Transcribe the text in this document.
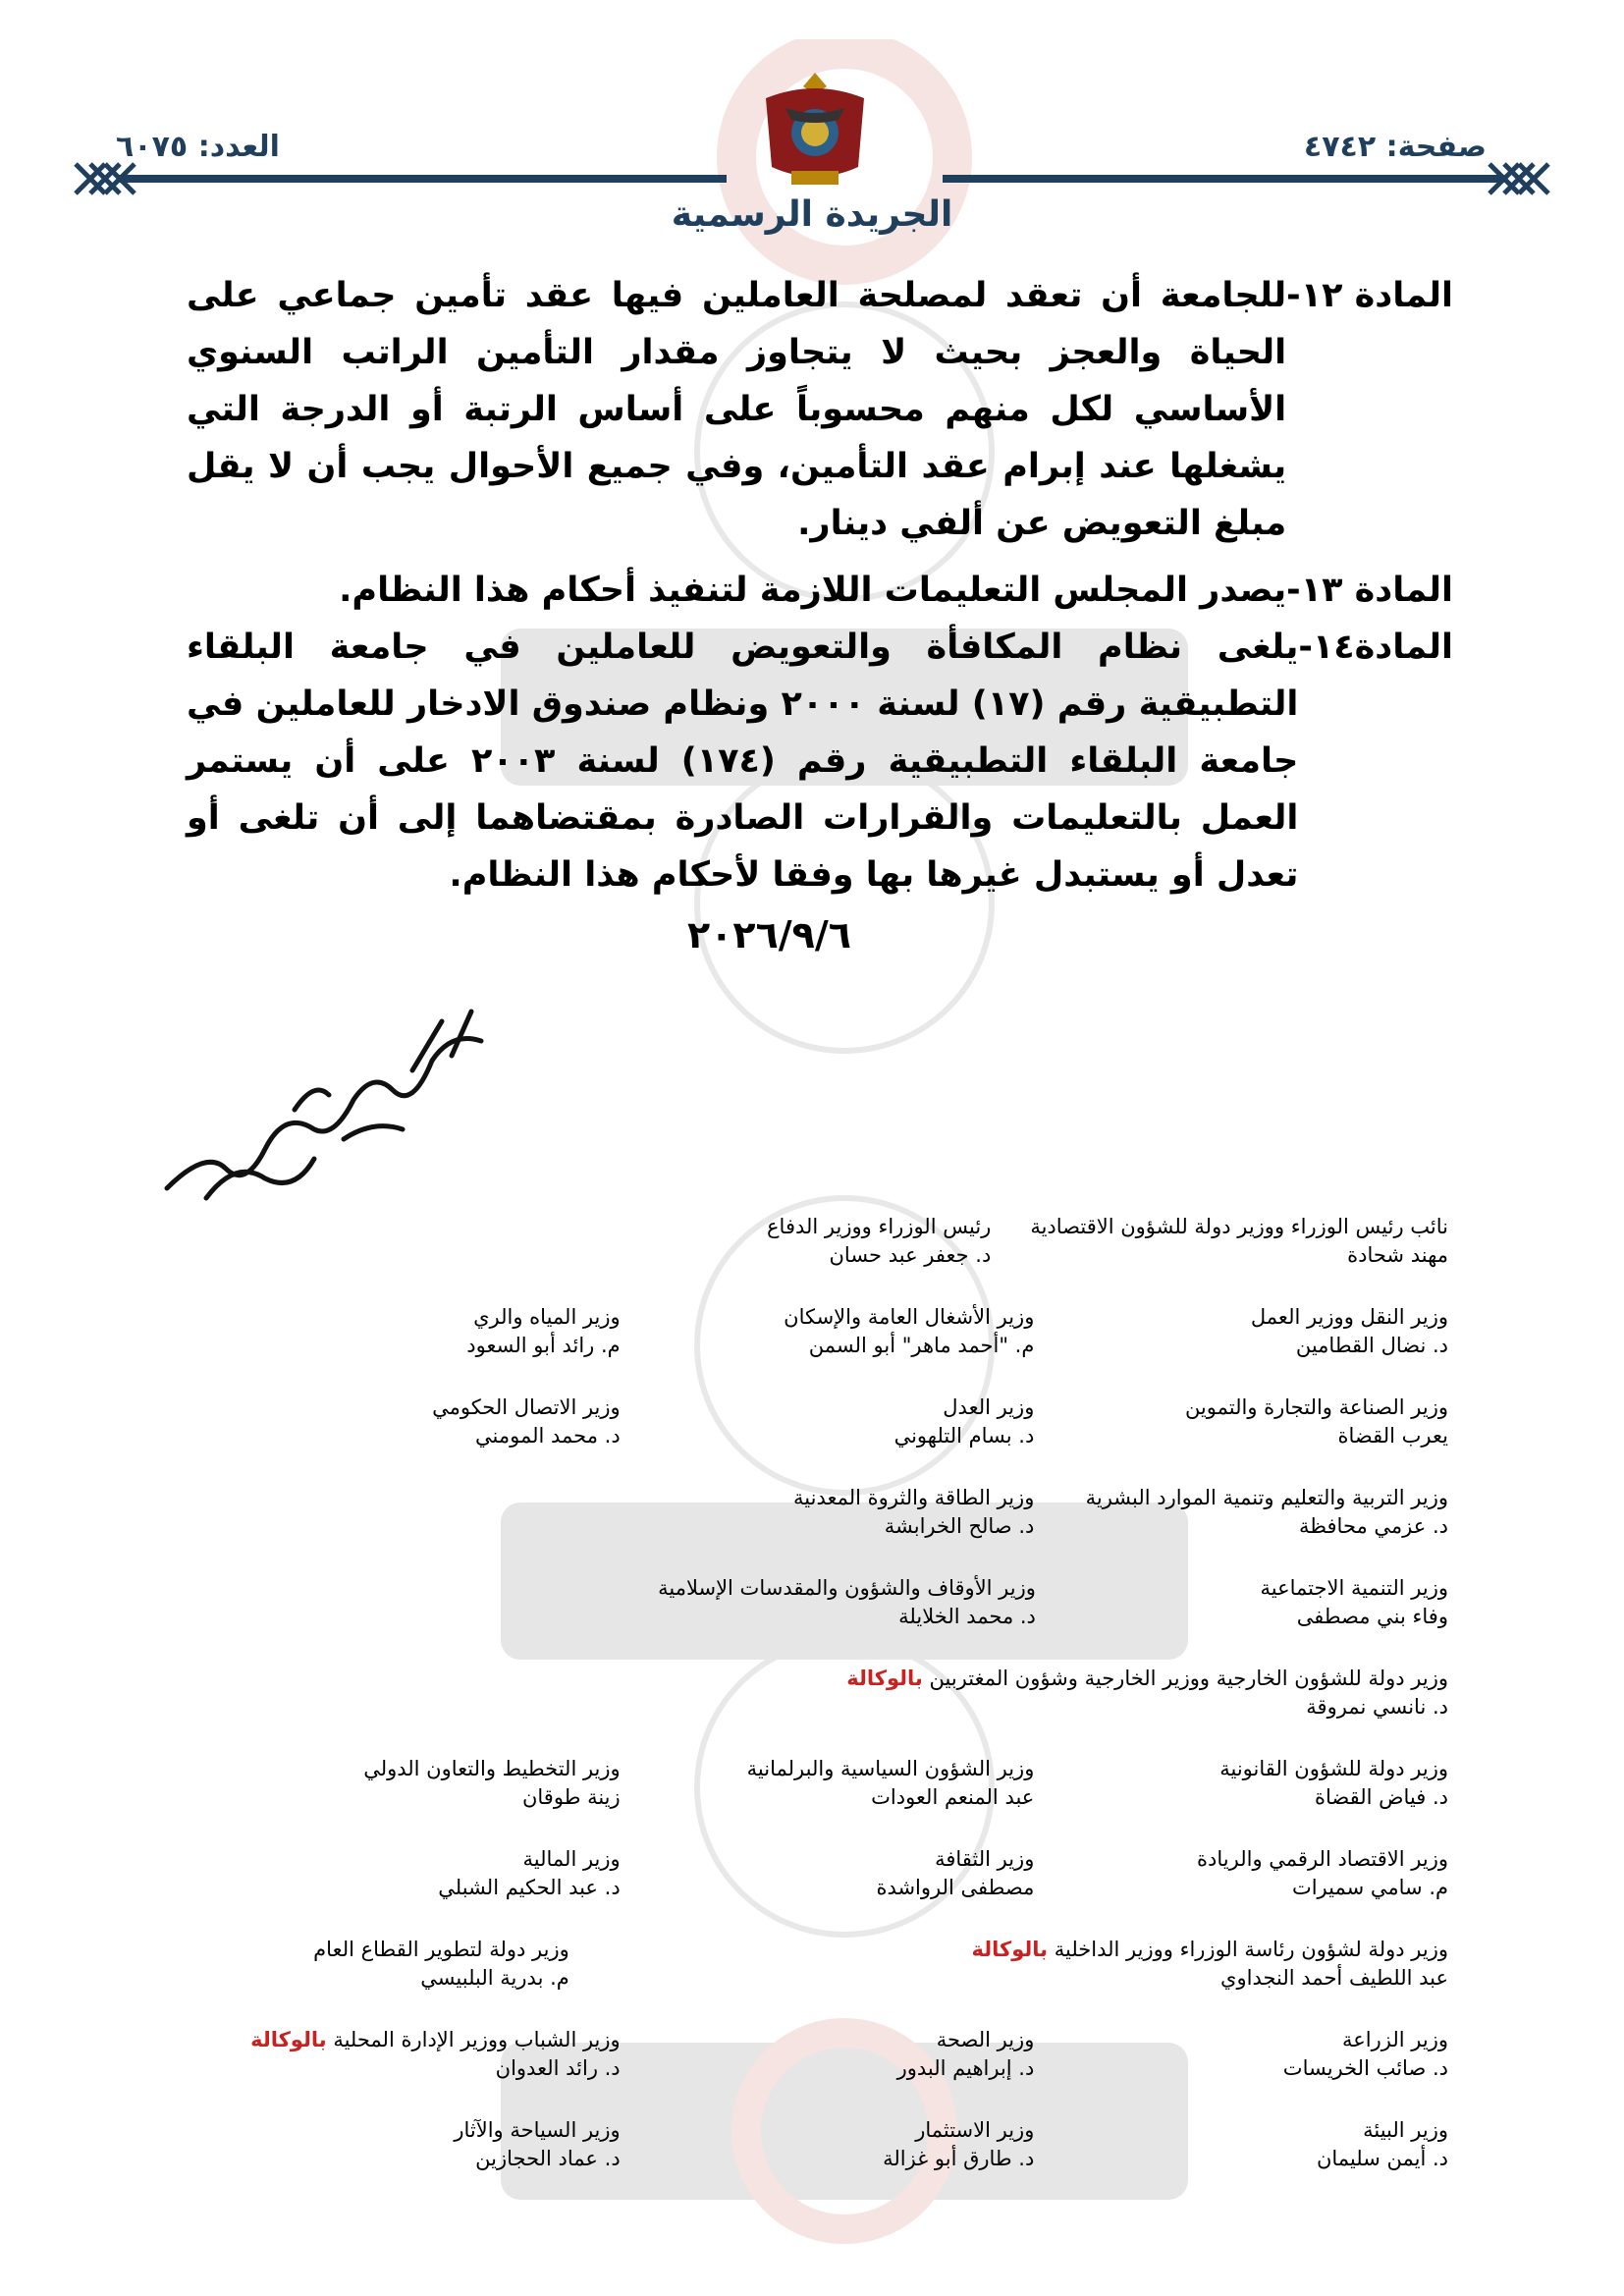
صفحة: ٤٧٤٢
العدد: ٦٠٧٥
الجريدة الرسمية
المادة ١٢-
للجامعة أن تعقد لمصلحة العاملين فيها عقد تأمين جماعي على الحياة والعجز بحيث لا يتجاوز مقدار التأمين الراتب السنوي الأساسي لكل منهم محسوباً على أساس الرتبة أو الدرجة التي يشغلها عند إبرام عقد التأمين، وفي جميع الأحوال يجب أن لا يقل مبلغ التعويض عن ألفي دينار.
المادة ١٣-
يصدر المجلس التعليمات اللازمة لتنفيذ أحكام هذا النظام.
المادة١٤-
يلغى نظام المكافأة والتعويض للعاملين في جامعة البلقاء التطبيقية رقم (١٧) لسنة ٢٠٠٠ ونظام صندوق الادخار للعاملين في جامعة البلقاء التطبيقية رقم (١٧٤) لسنة ٢٠٠٣ على أن يستمر العمل بالتعليمات والقرارات الصادرة بمقتضاهما إلى أن تلغى أو تعدل أو يستبدل غيرها بها وفقا لأحكام هذا النظام.
٢٠٢٦/٩/٦
نائب رئيس الوزراء ووزير دولة للشؤون الاقتصادية
مهند شحادة
رئيس الوزراء ووزير الدفاع
د. جعفر عبد حسان
وزير النقل ووزير العمل
د. نضال القطامين
وزير الأشغال العامة والإسكان
م. "أحمد ماهر" أبو السمن
وزير المياه والري
م. رائد أبو السعود
وزير الصناعة والتجارة والتموين
يعرب القضاة
وزير العدل
د. بسام التلهوني
وزير الاتصال الحكومي
د. محمد المومني
وزير التربية والتعليم وتنمية الموارد البشرية
د. عزمي محافظة
وزير الطاقة والثروة المعدنية
د. صالح الخرابشة
وزير التنمية الاجتماعية
وفاء بني مصطفى
وزير الأوقاف والشؤون والمقدسات الإسلامية
د. محمد الخلايلة
وزير دولة للشؤون الخارجية ووزير الخارجية وشؤون المغتربين بالوكالة
د. نانسي نمروقة
وزير دولة للشؤون القانونية
د. فياض القضاة
وزير الشؤون السياسية والبرلمانية
عبد المنعم العودات
وزير التخطيط والتعاون الدولي
زينة طوقان
وزير الاقتصاد الرقمي والريادة
م. سامي سميرات
وزير الثقافة
مصطفى الرواشدة
وزير المالية
د. عبد الحكيم الشبلي
وزير دولة لشؤون رئاسة الوزراء ووزير الداخلية بالوكالة
عبد اللطيف أحمد النجداوي
وزير دولة لتطوير القطاع العام
م. بدرية البلبيسي
وزير الزراعة
د. صائب الخريسات
وزير الصحة
د. إبراهيم البدور
وزير الشباب ووزير الإدارة المحلية بالوكالة
د. رائد العدوان
وزير البيئة
د. أيمن سليمان
وزير الاستثمار
د. طارق أبو غزالة
وزير السياحة والآثار
د. عماد الحجازين
